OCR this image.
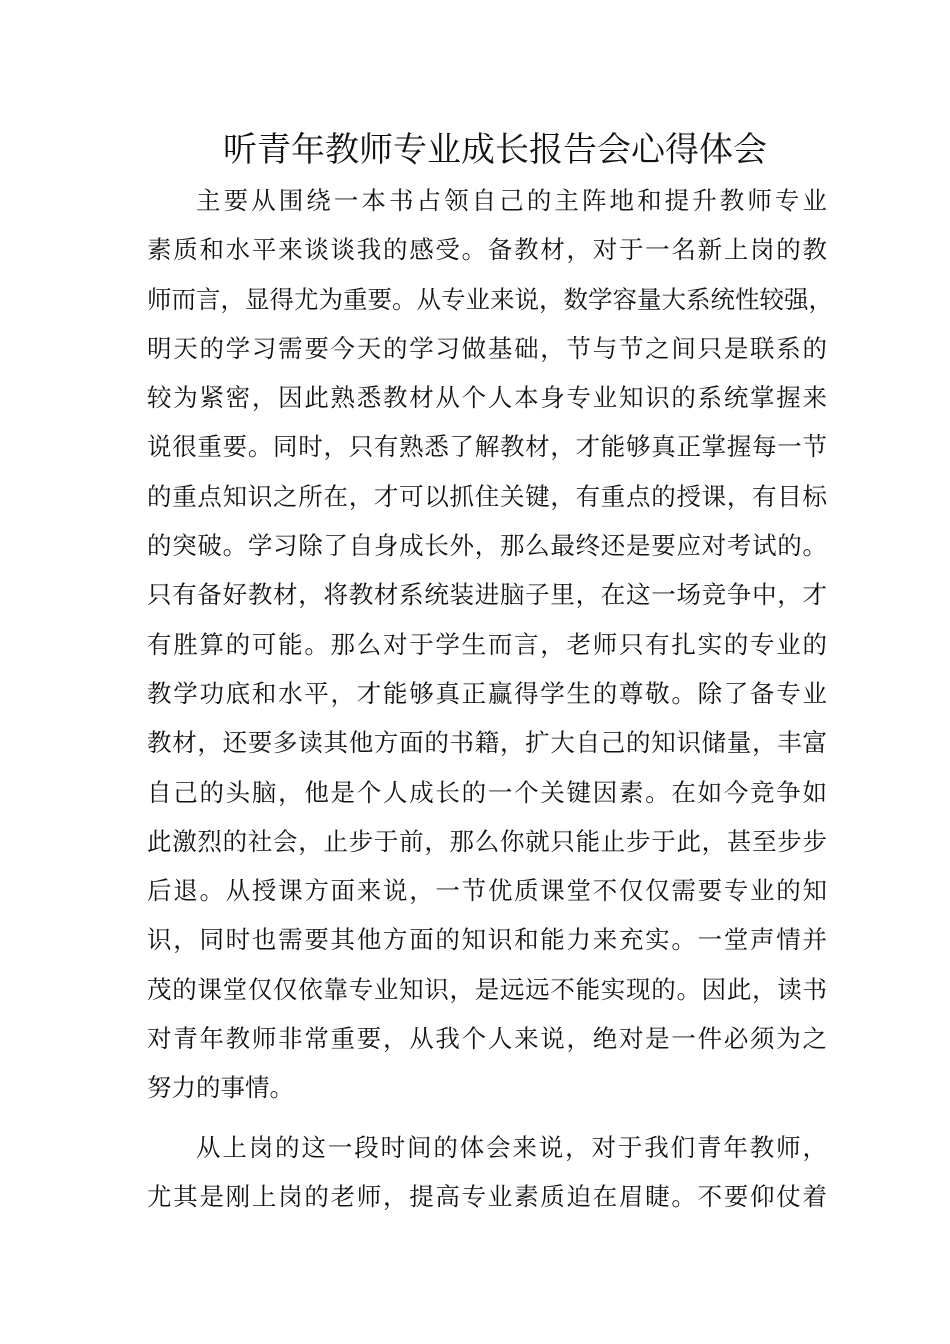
听青年教师专业成长报告会心得体会
主要从围绕一本书占领自己的主阵地和提升教师专业
素质和水平来谈谈我的感受。备教材，对于一名新上岗的教
师而言，显得尤为重要。从专业来说，数学容量大系统性较强，
明天的学习需要今天的学习做基础，节与节之间只是联系的
较为紧密，因此熟悉教材从个人本身专业知识的系统掌握来
说很重要。同时，只有熟悉了解教材，才能够真正掌握每一节
的重点知识之所在，才可以抓住关键，有重点的授课，有目标
的突破。学习除了自身成长外，那么最终还是要应对考试的。
只有备好教材，将教材系统装进脑子里，在这一场竞争中，才
有胜算的可能。那么对于学生而言，老师只有扎实的专业的
教学功底和水平，才能够真正赢得学生的尊敬。除了备专业
教材，还要多读其他方面的书籍，扩大自己的知识储量，丰富
自己的头脑，他是个人成长的一个关键因素。在如今竞争如
此激烈的社会，止步于前，那么你就只能止步于此，甚至步步
后退。从授课方面来说，一节优质课堂不仅仅需要专业的知
识，同时也需要其他方面的知识和能力来充实。一堂声情并
茂的课堂仅仅依靠专业知识，是远远不能实现的。因此，读书
对青年教师非常重要，从我个人来说，绝对是一件必须为之
努力的事情。
从上岗的这一段时间的体会来说，对于我们青年教师，
尤其是刚上岗的老师，提高专业素质迫在眉睫。不要仰仗着
